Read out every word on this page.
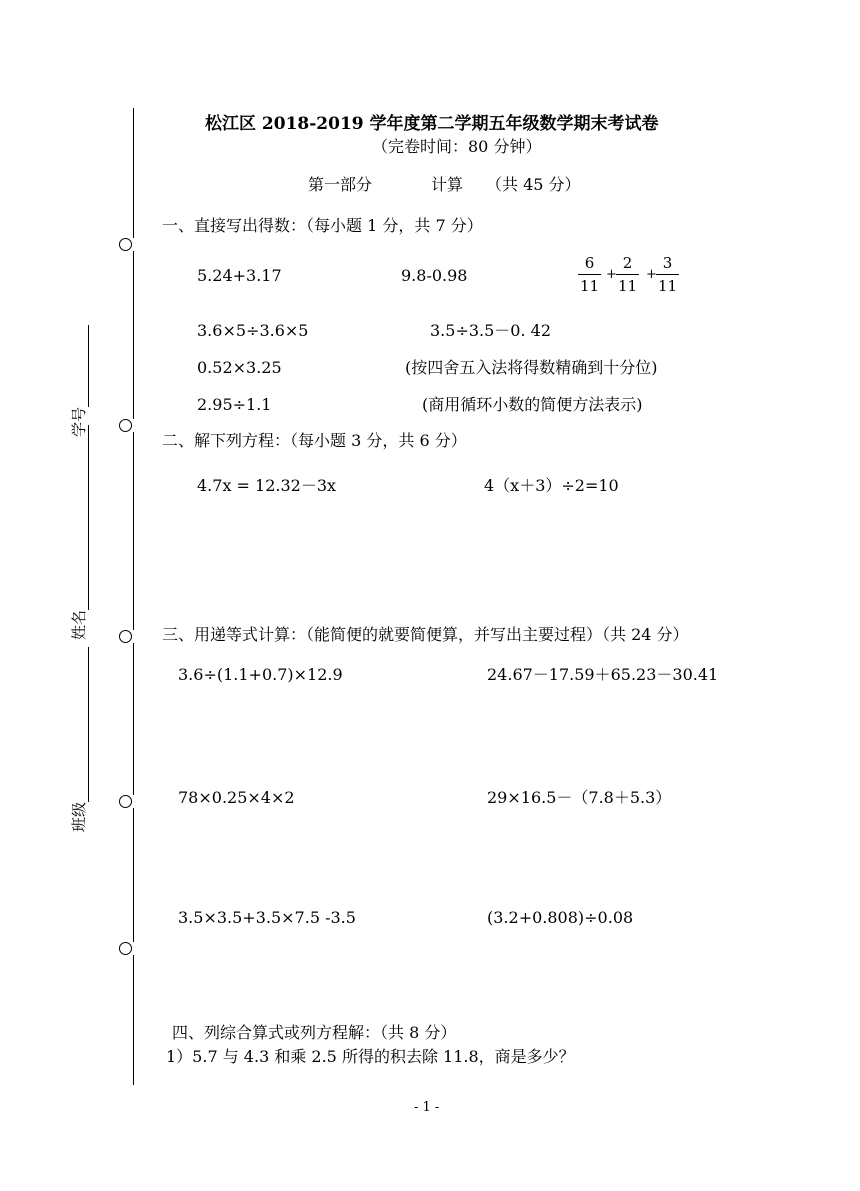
学号
姓名
班级
松江区 2018-2019 学年度第二学期五年级数学期末考试卷
（完卷时间：80 分钟）
第一部分	计算 （共 45 分）
一、直接写出得数：（每小题 1 分，共 7 分）
5.24+3.17	9.8-0.98	$\frac{6}{11} + \frac{2}{11} + \frac{3}{11}$
3.6×5÷3.6×5	3.5÷3.5－0. 42
0.52×3.25	(按四舍五入法将得数精确到十分位)
2.95÷1.1	(商用循环小数的简便方法表示)
二、解下列方程：（每小题 3 分，共 6 分）
4.7x = 12.32－3x	4（x＋3）÷2=10
三、用递等式计算：（能简便的就要简便算，并写出主要过程）（共 24 分）
3.6÷(1.1+0.7)×12.9	24.67－17.59＋65.23－30.41
78×0.25×4×2	29×16.5－（7.8＋5.3）
3.5×3.5+3.5×7.5 -3.5	(3.2+0.808)÷0.08
四、列综合算式或列方程解：（共 8 分）
1）5.7 与 4.3 和乘 2.5 所得的积去除 11.8，商是多少？
- 1 -
